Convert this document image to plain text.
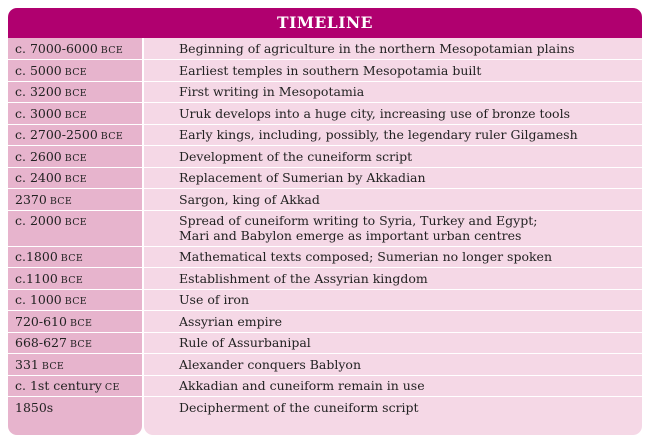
TIMELINE
c. 7000-6000 BCE	Beginning of agriculture in the northern Mesopotamian plains
c. 5000 BCE	Earliest temples in southern Mesopotamia built
c. 3200 BCE	First writing in Mesopotamia
c. 3000 BCE	Uruk develops into a huge city, increasing use of bronze tools
c. 2700-2500 BCE	Early kings, including, possibly, the legendary ruler Gilgamesh
c. 2600 BCE	Development of the cuneiform script
c. 2400 BCE	Replacement of Sumerian by Akkadian
2370 BCE	Sargon, king of Akkad
c. 2000 BCE	Spread of cuneiform writing to Syria, Turkey and Egypt;
Mari and Babylon emerge as important urban centres
c.1800 BCE	Mathematical texts composed; Sumerian no longer spoken
c.1100 BCE	Establishment of the Assyrian kingdom
c. 1000 BCE	Use of iron
720-610 BCE	Assyrian empire
668-627 BCE	Rule of Assurbanipal
331 BCE	Alexander conquers Bablyon
c. 1st century CE	Akkadian and cuneiform remain in use
1850s	Decipherment of the cuneiform script
